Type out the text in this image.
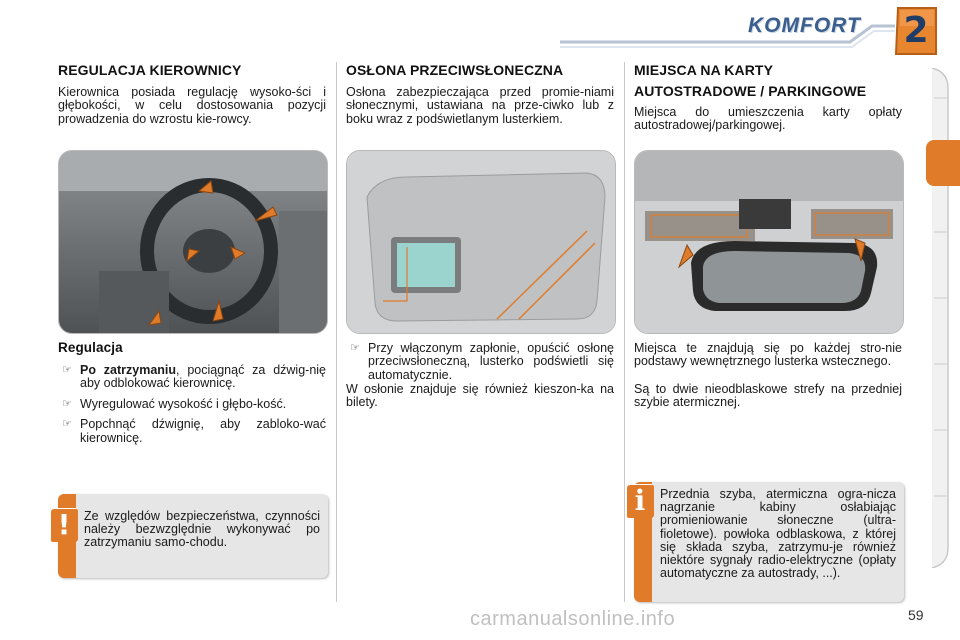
KOMFORT	2
REGULACJA KIEROWNICY

Kierownica posiada regulację wysoko-ści i głębokości, w celu dostosowania pozycji prowadzenia do wzrostu kie-rowcy.

Regulacja
☞ Po zatrzymaniu, pociągnąć za dźwig-nię aby odblokować kierownicę.
☞ Wyregulować wysokość i głębo-kość.
☞ Popchnąć dźwignię, aby zabloko-wać kierownicę.
!	Ze względów bezpieczeństwa, czynności należy bezwzględnie wykonywać po zatrzymaniu samo-chodu.
OSŁONA PRZECIWSŁONECZNA

Osłona zabezpieczająca przed promie-niami słonecznymi, ustawiana na prze-ciwko lub z boku wraz z podświetlanym lusterkiem.

☞ Przy włączonym zapłonie, opuścić osłonę przeciwsłoneczną, lusterko podświetli się automatycznie.

W osłonie znajduje się również kieszon-ka na bilety.

MIEJSCA NA KARTY
AUTOSTRADOWE / PARKINGOWE

Miejsca do umieszczenia karty opłaty autostradowej/parkingowej.

Miejsca te znajdują się po każdej stro-nie podstawy wewnętrznego lusterka wstecznego.

Są to dwie nieodblaskowe strefy na przedniej szybie atermicznej.

i	Przednia szyba, atermiczna ogra-nicza nagrzanie kabiny osłabiając promieniowanie słoneczne (ultra-fioletowe). powłoka odblaskowa, z której się składa szyba, zatrzymu-je również niektóre sygnały radio-elektryczne (opłaty automatyczne za autostrady, ...).
carmanualsonline.info	59
